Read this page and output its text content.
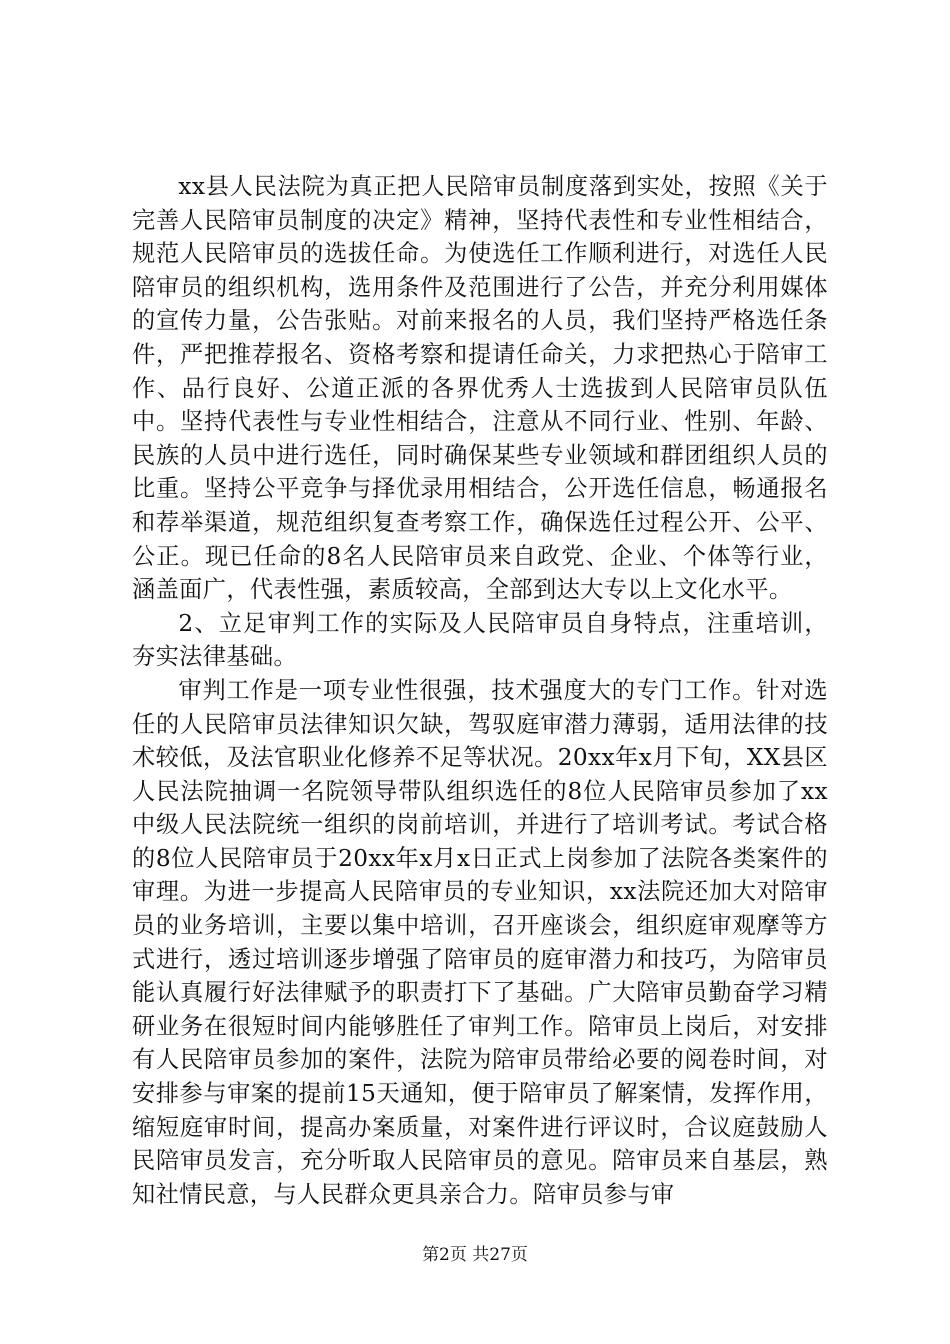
xx县人民法院为真正把人民陪审员制度落到实处，按照《关于完善人民陪审员制度的决定》精神，坚持代表性和专业性相结合，规范人民陪审员的选拔任命。为使选任工作顺利进行，对选任人民陪审员的组织机构，选用条件及范围进行了公告，并充分利用媒体的宣传力量，公告张贴。对前来报名的人员，我们坚持严格选任条件，严把推荐报名、资格考察和提请任命关，力求把热心于陪审工作、品行良好、公道正派的各界优秀人士选拔到人民陪审员队伍中。坚持代表性与专业性相结合，注意从不同行业、性别、年龄、民族的人员中进行选任，同时确保某些专业领域和群团组织人员的比重。坚持公平竞争与择优录用相结合，公开选任信息，畅通报名和荐举渠道，规范组织复查考察工作，确保选任过程公开、公平、公正。现已任命的8名人民陪审员来自政党、企业、个体等行业，涵盖面广，代表性强，素质较高，全部到达大专以上文化水平。

2、立足审判工作的实际及人民陪审员自身特点，注重培训，夯实法律基础。

审判工作是一项专业性很强，技术强度大的专门工作。针对选任的人民陪审员法律知识欠缺，驾驭庭审潜力薄弱，适用法律的技术较低，及法官职业化修养不足等状况。20xx年x月下旬，XX县区人民法院抽调一名院领导带队组织选任的8位人民陪审员参加了xx中级人民法院统一组织的岗前培训，并进行了培训考试。考试合格的8位人民陪审员于20xx年x月x日正式上岗参加了法院各类案件的审理。为进一步提高人民陪审员的专业知识，xx法院还加大对陪审员的业务培训，主要以集中培训，召开座谈会，组织庭审观摩等方式进行，透过培训逐步增强了陪审员的庭审潜力和技巧，为陪审员能认真履行好法律赋予的职责打下了基础。广大陪审员勤奋学习精研业务在很短时间内能够胜任了审判工作。陪审员上岗后，对安排有人民陪审员参加的案件，法院为陪审员带给必要的阅卷时间，对安排参与审案的提前15天通知，便于陪审员了解案情，发挥作用，缩短庭审时间，提高办案质量，对案件进行评议时，合议庭鼓励人民陪审员发言，充分听取人民陪审员的意见。陪审员来自基层，熟知社情民意，与人民群众更具亲合力。陪审员参与审

第2页 共27页
